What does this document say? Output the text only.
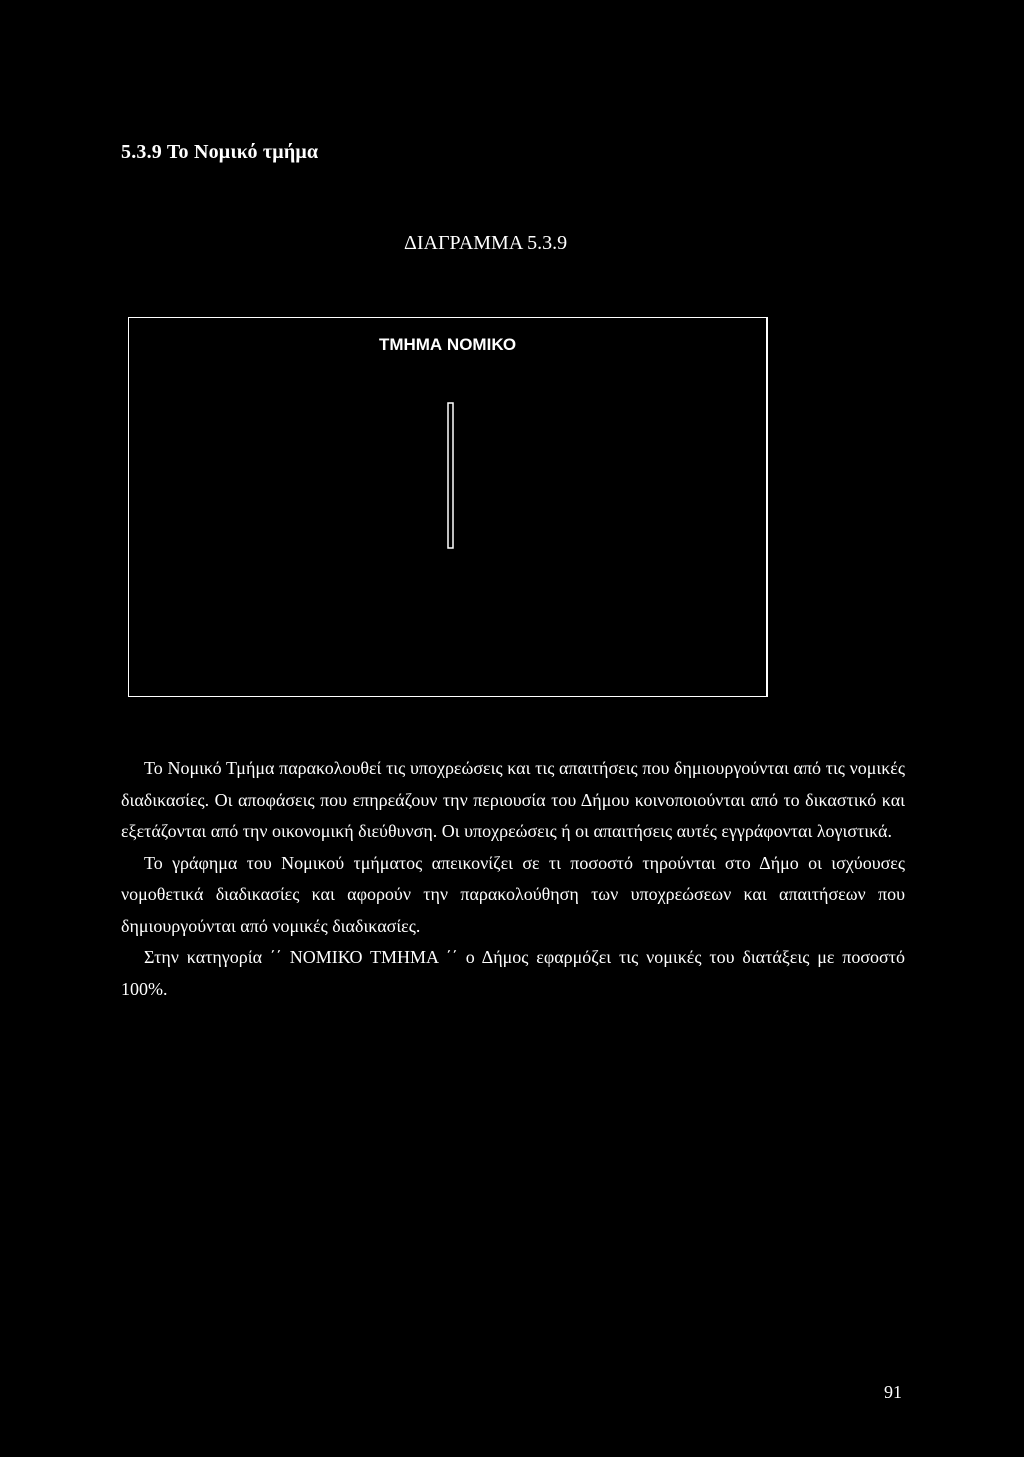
5.3.9 Το Νομικό τμήμα
ΔΙΑΓΡΑΜΜΑ 5.3.9
ΤΜΗΜΑ ΝΟΜΙΚΟ

Το Νομικό Τμήμα παρακολουθεί τις υποχρεώσεις και τις απαιτήσεις που δημιουργούνται από τις νομικές διαδικασίες. Οι αποφάσεις που επηρεάζουν την περιουσία του Δήμου κοινοποιούνται από το δικαστικό και εξετάζονται από την οικονομική διεύθυνση. Οι υποχρεώσεις ή οι απαιτήσεις αυτές εγγράφονται λογιστικά.

Το γράφημα του Νομικού τμήματος απεικονίζει σε τι ποσοστό τηρούνται στο Δήμο οι ισχύουσες νομοθετικά διαδικασίες και αφορούν την παρακολούθηση των υποχρεώσεων και απαιτήσεων που δημιουργούνται από νομικές διαδικασίες.

Στην κατηγορία ΄΄ ΝΟΜΙΚΟ ΤΜΗΜΑ ΄΄ ο Δήμος εφαρμόζει τις νομικές του διατάξεις με ποσοστό 100%.

91
